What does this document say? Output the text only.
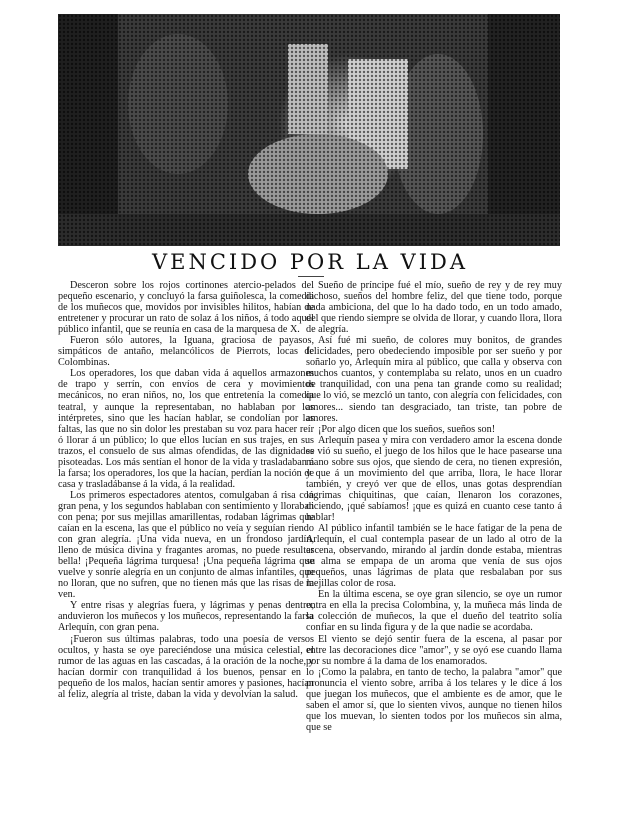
VENCIDO POR LA VIDA

Desceron sobre los rojos cortinones atercio-pelados del pequeño escenario, y concluyó la farsa guiñolesca, la comedia de los muñecos que, movidos por invisibles hilitos, habían de entretener y procurar un rato de solaz á los niños, á todo aquel público infantil, que se reunía en casa de la marquesa de X.

Fueron sólo autores, la Iguana, graciosa de payasos, simpáticos de antaño, melancólicos de Pierrots, locas de Colombinas.

Los operadores, los que daban vida á aquellos armazones de trapo y serrín, con envíos de cera y movimientos mecánicos, no eran niños, no, los que entretenía la comedia teatral, y aunque la representaban, no hablaban por los intérpretes, sino que les hacían hablar, se condolían por las faltas, las que no sin dolor les prestaban su voz para hacer reír ó llorar á un público; lo que ellos lucían en sus trajes, en sus trazos, el consuelo de sus almas ofendidas, de las dignidades pisoteadas. Los más sentían el honor de la vida y trasladaban á la farsa; los operadores, los que la hacían, perdían la noción de casa y trasladábanse á la vida, á la realidad.

Los primeros espectadores atentos, comulgaban á risa con gran pena, y los segundos hablaban con sentimiento y lloraban con pena; por sus mejillas amarillentas, rodaban lágrimas que caían en la escena, las que el público no veía y seguían riendo con gran alegría. ¡Una vida nueva, en un frondoso jardín, lleno de música divina y fragantes aromas, no puede resultar bella! ¡Pequeña lágrima turquesa! ¡Una pequeña lágrima que vuelve y sonríe alegría en un conjunto de almas infantiles, que no lloran, que no sufren, que no tienen más que las risas de la ven.

Y entre risas y alegrías fuera, y lágrimas y penas dentro, anduvieron los muñecos y los muñecos, representando la farsa Arlequín, con gran pena.

¡Fueron sus últimas palabras, todo una poesía de versos ocultos, y hasta se oye pareciéndose una música celestial, el rumor de las aguas en las cascadas, á la oración de la noche, y hacían dormir con tranquilidad á los buenos, pensar en lo pequeño de los malos, hacían sentir amores y pasiones, hacían al feliz, alegría al triste, daban la vida y devolvían la salud.

Sueño de príncipe fué el mío, sueño de rey y de rey muy dichoso, sueños del hombre feliz, del que tiene todo, porque nada ambiciona, del que lo ha dado todo, en un todo amado, del que riendo siempre se olvida de llorar, y cuando llora, llora de alegría.

Así fué mi sueño, de colores muy bonitos, de grandes felicidades, pero obedeciendo imposible por ser sueño y por soñarlo yo, Arlequín mira al público, que calla y observa con muchos cuantos, y contemplaba su relato, unos en un cuadro de tranquilidad, con una pena tan grande como su realidad; que lo vió, se mezcló un tanto, con alegría con felicidades, con amores... siendo tan desgraciado, tan triste, tan pobre de amores.

¡Por algo dicen que los sueños, sueños son!

Arlequín pasea y mira con verdadero amor la escena donde se vió su sueño, el juego de los hilos que le hace pasearse una mano sobre sus ojos, que siendo de cera, no tienen expresión, y que á un movimiento del que arriba, llora, le hace llorar también, y creyó ver que de ellos, unas gotas desprendían lágrimas chiquitinas, que caían, llenaron los corazones, diciendo, ¡qué sabíamos! ¡que es quizá en cuanto cese tanto á hablar!

Al público infantil también se le hace fatigar de la pena de Arlequín, el cual contempla pasear de un lado al otro de la escena, observando, mirando al jardín donde estaba, mientras su alma se empapa de un aroma que venía de sus ojos pequeños, unas lágrimas de plata que resbalaban por sus mejillas color de rosa.

En la última escena, se oye gran silencio, se oye un rumor entra en ella la precisa Colombina, y, la muñeca más linda de la colección de muñecos, la que el dueño del teatrito solía confiar en su linda figura y de la que nadie se acordaba.

El viento se dejó sentir fuera de la escena, al pasar por entre las decoraciones dice "amor", y se oyó ese cuando llama por su nombre á la dama de los enamorados.

¡Como la palabra, en tanto de techo, la palabra "amor" que pronuncia el viento sobre, arriba á los telares y le dice á los que juegan los muñecos, que el ambiente es de amor, que le saben el amor sí, que lo sienten vivos, aunque no tienen hilos que los muevan, lo sienten todos por los muñecos sin alma, que se
